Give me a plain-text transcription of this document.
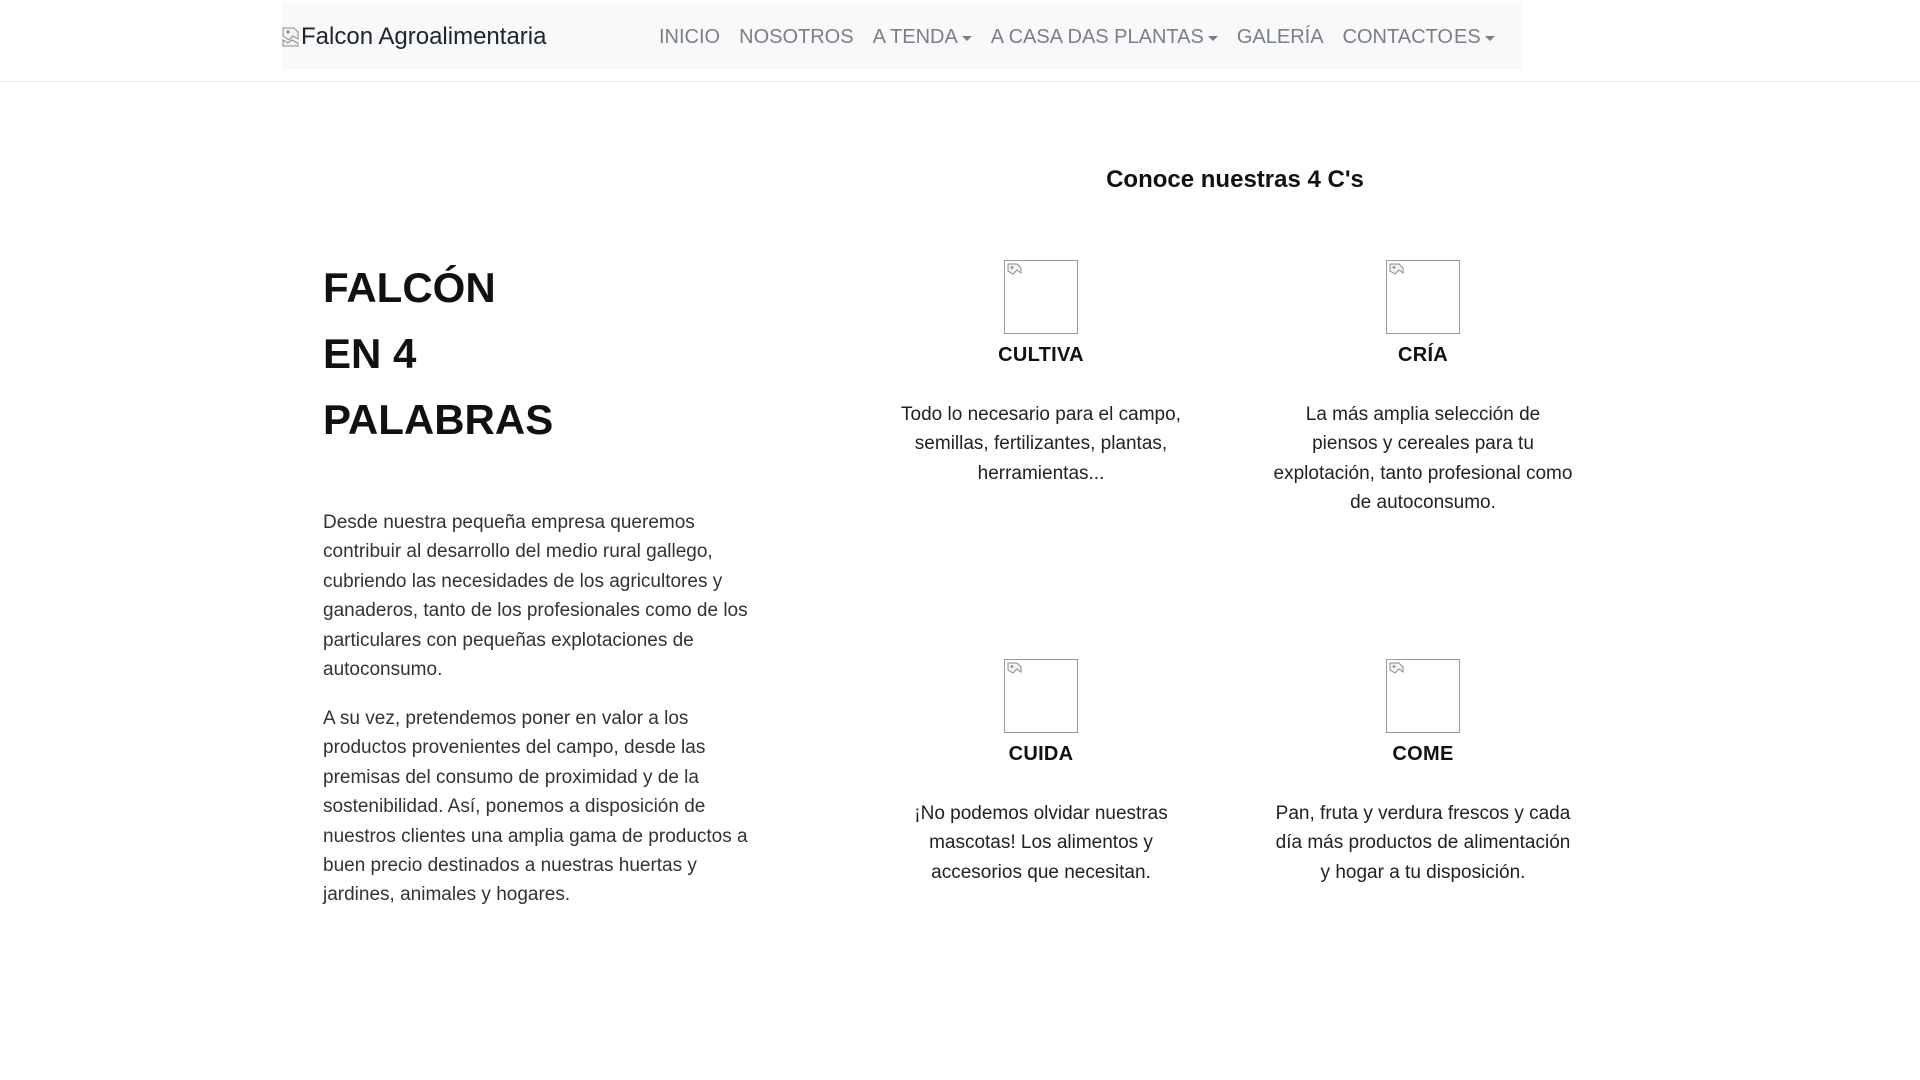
Falcon Agroalimentaria	INICIO NOSOTROS A TENDA A CASA DAS PLANTAS GALERÍA CONTACTO ES
FALCÓN
EN 4
PALABRAS

Desde nuestra pequeña empresa queremos contribuir al desarrollo del medio rural gallego, cubriendo las necesidades de los agricultores y ganaderos, tanto de los profesionales como de los particulares con pequeñas explotaciones de autoconsumo.

A su vez, pretendemos poner en valor a los productos provenientes del campo, desde las premisas del consumo de proximidad y de la sostenibilidad. Así, ponemos a disposición de nuestros clientes una amplia gama de productos a buen precio destinados a nuestras huertas y jardines, animales y hogares.

Conoce nuestras 4 C's
CULTIVA
Todo lo necesario para el campo, semillas, fertilizantes, plantas, herramientas...
CRÍA
La más amplia selección de piensos y cereales para tu explotación, tanto profesional como de autoconsumo.
CUIDA
¡No podemos olvidar nuestras mascotas! Los alimentos y accesorios que necesitan.
COME
Pan, fruta y verdura frescos y cada día más productos de alimentación y hogar a tu disposición.
